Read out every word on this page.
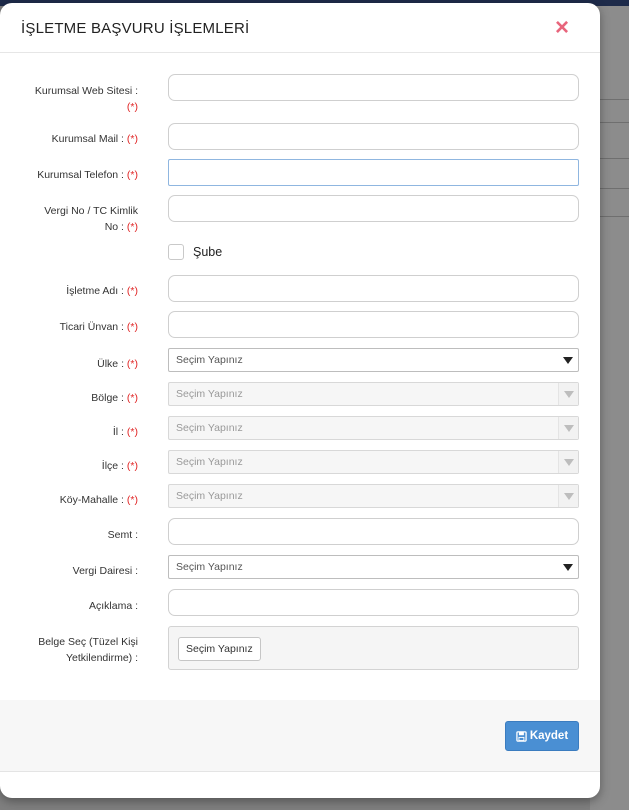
İŞLETME BAŞVURU İŞLEMLERİ	×
Kurumsal Web Sitesi :
(*)
Kurumsal Mail : (*)
Kurumsal Telefon : (*)
Vergi No / TC Kimlik
No : (*)
Şube
İşletme Adı : (*)
Ticari Ünvan : (*)
Ülke : (*)	Seçim Yapınız
Bölge : (*)	Seçim Yapınız
İl : (*)	Seçim Yapınız
İlçe : (*)	Seçim Yapınız
Köy-Mahalle : (*)	Seçim Yapınız
Semt :
Vergi Dairesi :	Seçim Yapınız
Açıklama :
Belge Seç (Tüzel Kişi
Yetkilendirme) :
Seçim Yapınız
Kaydet
